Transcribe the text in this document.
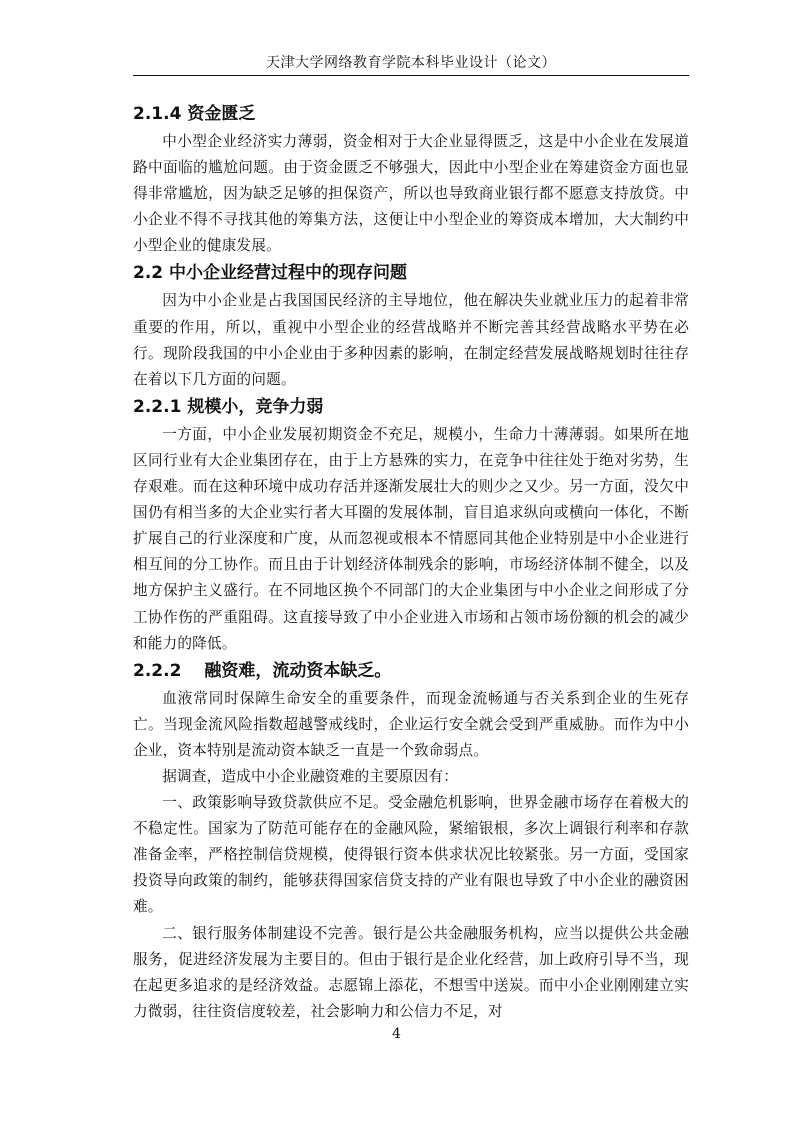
天津大学网络教育学院本科毕业设计（论文）
2.1.4 资金匮乏

中小型企业经济实力薄弱，资金相对于大企业显得匮乏，这是中小企业在发展道路中面临的尴尬问题。由于资金匮乏不够强大，因此中小型企业在筹建资金方面也显得非常尴尬，因为缺乏足够的担保资产，所以也导致商业银行都不愿意支持放贷。中小企业不得不寻找其他的筹集方法，这便让中小型企业的筹资成本增加，大大制约中小型企业的健康发展。

2.2 中小企业经营过程中的现存问题

因为中小企业是占我国国民经济的主导地位，他在解决失业就业压力的起着非常重要的作用，所以，重视中小型企业的经营战略并不断完善其经营战略水平势在必行。现阶段我国的中小企业由于多种因素的影响，在制定经营发展战略规划时往往存在着以下几方面的问题。

2.2.1 规模小，竞争力弱

一方面，中小企业发展初期资金不充足，规模小，生命力十薄薄弱。如果所在地区同行业有大企业集团存在，由于上方悬殊的实力，在竞争中往往处于绝对劣势，生存艰难。而在这种环境中成功存活并逐渐发展壮大的则少之又少。另一方面，没欠中国仍有相当多的大企业实行者大耳圈的发展体制，盲目追求纵向或横向一体化，不断扩展自己的行业深度和广度，从而忽视或根本不情愿同其他企业特别是中小企业进行相互间的分工协作。而且由于计划经济体制残余的影响，市场经济体制不健全，以及地方保护主义盛行。在不同地区换个不同部门的大企业集团与中小企业之间形成了分工协作伤的严重阻碍。这直接导致了中小企业进入市场和占领市场份额的机会的减少和能力的降低。

2.2.2　 融资难，流动资本缺乏。

血液常同时保障生命安全的重要条件，而现金流畅通与否关系到企业的生死存亡。当现金流风险指数超越警戒线时，企业运行安全就会受到严重威胁。而作为中小企业，资本特别是流动资本缺乏一直是一个致命弱点。

据调查，造成中小企业融资难的主要原因有：

一、政策影响导致贷款供应不足。受金融危机影响，世界金融市场存在着极大的不稳定性。国家为了防范可能存在的金融风险，紧缩银根，多次上调银行利率和存款准备金率，严格控制信贷规模，使得银行资本供求状况比较紧张。另一方面，受国家投资导向政策的制约，能够获得国家信贷支持的产业有限也导致了中小企业的融资困难。

二、银行服务体制建设不完善。银行是公共金融服务机构，应当以提供公共金融服务，促进经济发展为主要目的。但由于银行是企业化经营，加上政府引导不当，现在起更多追求的是经济效益。志愿锦上添花，不想雪中送炭。而中小企业刚刚建立实力微弱，往往资信度较差，社会影响力和公信力不足，对

4
